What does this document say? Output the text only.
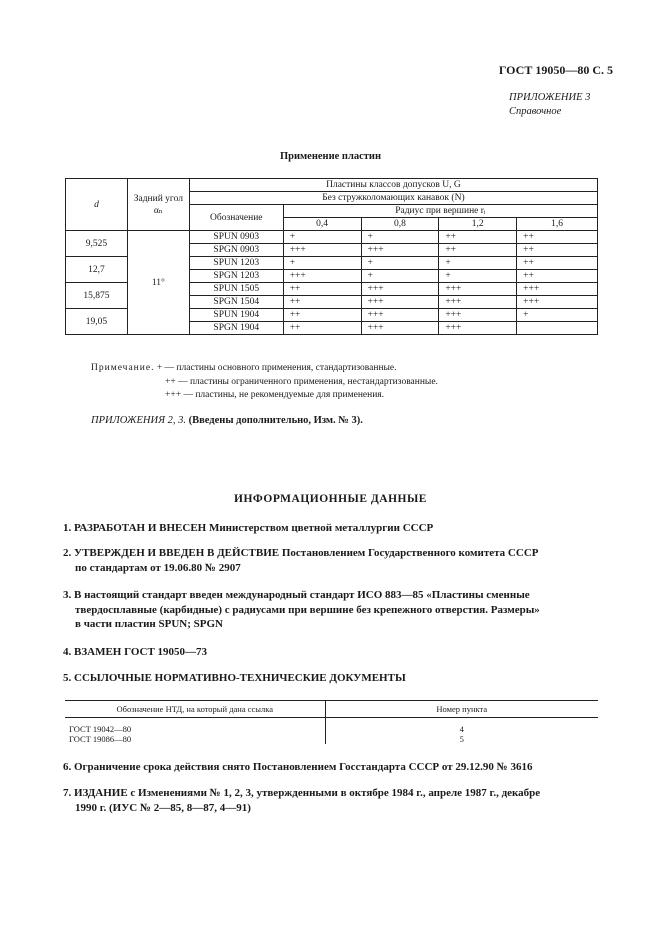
ГОСТ 19050—80 С. 5
ПРИЛОЖЕНИЕ 3
Справочное
Применение пластин
d	Задний угол αₙ	Пластины классов допусков U, G				
		Без стружколомающих канавок (N)				
		Обозначение	Радиус при вершине rᵢ			
			0,4	0,8	1,2	1,6
9,525	11°	SPUN 0903	+	+	++	++
		SPGN 0903	+++	+++	++	++
12,7		SPUN 1203	+	+	+	++
		SPGN 1203	+++	+	+	++
15,875		SPUN 1505	++	+++	+++	+++
		SPGN 1504	++	+++	+++	+++
19,05		SPUN 1904	++	+++	+++	+
		SPGN 1904	++	+++	+++	
Примечание. + — пластины основного применения, стандартизованные.
++ — пластины ограниченного применения, нестандартизованные.
+++ — пластины, не рекомендуемые для применения.
ПРИЛОЖЕНИЯ 2, 3. (Введены дополнительно, Изм. № 3).
ИНФОРМАЦИОННЫЕ ДАННЫЕ
1. РАЗРАБОТАН И ВНЕСЕН Министерством цветной металлургии СССР
2. УТВЕРЖДЕН И ВВЕДЕН В ДЕЙСТВИЕ Постановлением Государственного комитета СССР
по стандартам от 19.06.80 № 2907
3. В настоящий стандарт введен международный стандарт ИСО 883—85 «Пластины сменные
твердосплавные (карбидные) с радиусами при вершине без крепежного отверстия. Размеры»
в части пластин SPUN; SPGN
4. ВЗАМЕН ГОСТ 19050—73
5. ССЫЛОЧНЫЕ НОРМАТИВНО-ТЕХНИЧЕСКИЕ ДОКУМЕНТЫ
Обозначение НТД, на который дана ссылка	Номер пункта

ГОСТ 19042—80	4
ГОСТ 19086—80	5
6. Ограничение срока действия снято Постановлением Госстандарта СССР от 29.12.90 № 3616
7. ИЗДАНИЕ с Изменениями № 1, 2, 3, утвержденными в октябре 1984 г., апреле 1987 г., декабре
1990 г. (ИУС № 2—85, 8—87, 4—91)
